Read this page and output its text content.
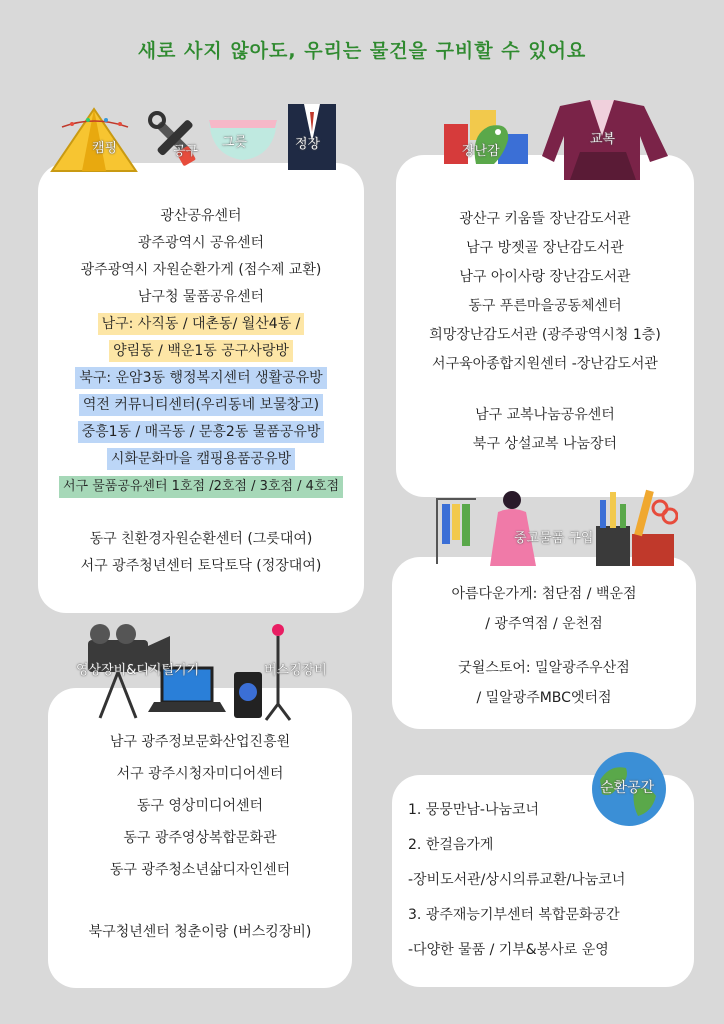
새로 사지 않아도, 우리는 물건을 구비할 수 있어요
광산공유센터
광주광역시 공유센터
광주광역시 자원순환가게 (점수제 교환)
남구청 물품공유센터
남구: 사직동 / 대촌동/ 월산4동 /
양림동 / 백운1동 공구사랑방
북구: 운암3동 행정복지센터 생활공유방
역전 커뮤니티센터(우리동네 보물창고)
중흥1동 / 매곡동 / 문흥2동 물품공유방
시화문화마을 캠핑용품공유방
서구 물품공유센터 1호점 /2호점 / 3호점 / 4호점
동구 친환경자원순환센터 (그릇대여)
서구 광주청년센터 토닥토닥 (정장대여)
캠핑	공구
그릇	정장
광산구 키움뜰 장난감도서관
남구 방젯골 장난감도서관
남구 아이사랑 장난감도서관
동구 푸른마을공동체센터
희망장난감도서관 (광주광역시청 1층)
서구육아종합지원센터 -장난감도서관
남구 교복나눔공유센터
북구 상설교복 나눔장터
장난감
교복
아름다운가게: 첨단점 / 백운점
/ 광주역점 / 운천점
굿윌스토어: 밀알광주우산점
/ 밀알광주MBC엣터점
중고물품 구입
남구 광주정보문화산업진흥원
서구 광주시청자미디어센터
동구 영상미디어센터
동구 광주영상복합문화관
동구 광주청소년삶디자인센터
북구청년센터 청춘이랑 (버스킹장비)
영상장비&디지털기기	버스킹장비
1. 뭉뭉만남-나눔코너
2. 한걸음가게
-장비도서관/상시의류교환/나눔코너
3. 광주재능기부센터 복합문화공간
-다양한 물품 / 기부&봉사로 운영
순환공간
